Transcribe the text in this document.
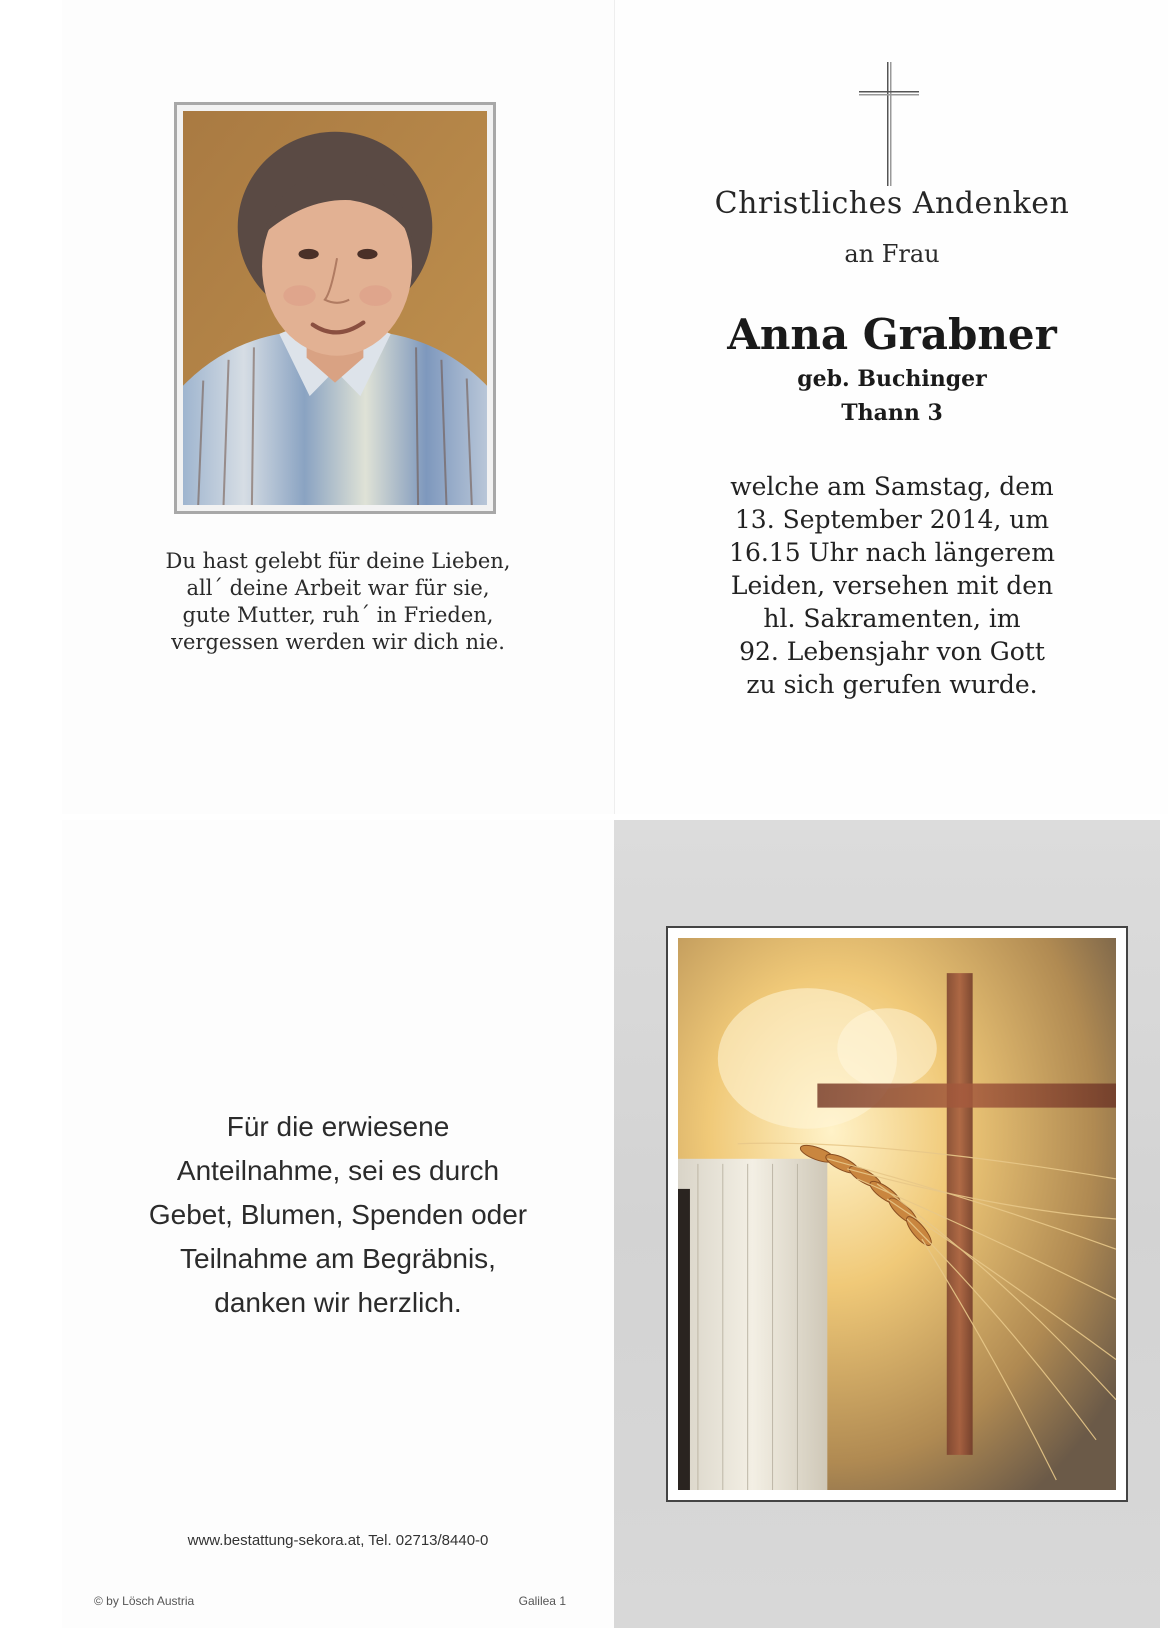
Du hast gelebt für deine Lieben,
all´ deine Arbeit war für sie,
gute Mutter, ruh´ in Frieden,
vergessen werden wir dich nie.
Christliches Andenken
an Frau
Anna Grabner
geb. Buchinger
Thann 3
welche am Samstag, dem
13. September 2014, um
16.15 Uhr nach längerem
Leiden, versehen mit den
hl. Sakramenten, im
92. Lebensjahr von Gott
zu sich gerufen wurde.
Für die erwiesene
Anteilnahme, sei es durch
Gebet, Blumen, Spenden oder
Teilnahme am Begräbnis,
danken wir herzlich.
www.bestattung-sekora.at, Tel. 02713/8440-0
© by Lösch Austria	Galilea 1
